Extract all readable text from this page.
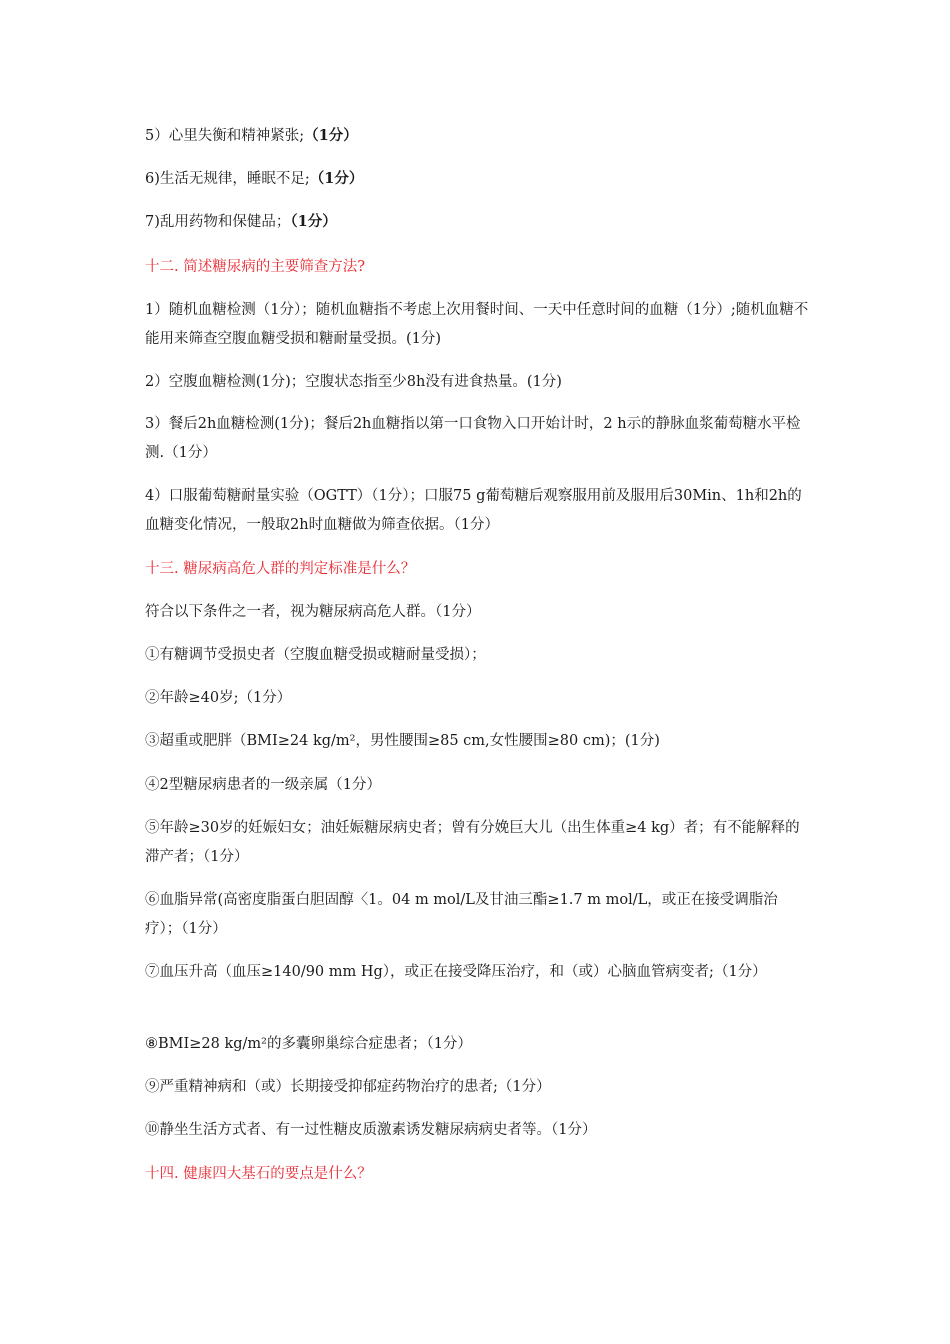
5）心里失衡和精神紧张;（1分）
6)生活无规律，睡眠不足;（1分）
7)乱用药物和保健品；（1分）
十二. 简述糖尿病的主要筛查方法?
1）随机血糖检测（1分）；随机血糖指不考虑上次用餐时间、一天中任意时间的血糖（1分）;随机血糖不能用来筛查空腹血糖受损和糖耐量受损。(1分)
2）空腹血糖检测(1分)；空腹状态指至少8h没有进食热量。(1分)
3）餐后2h血糖检测(1分)；餐后2h血糖指以第一口食物入口开始计时，2 h示的静脉血浆葡萄糖水平检测.（1分）
4）口服葡萄糖耐量实验（OGTT）（1分）；口服75 g葡萄糖后观察服用前及服用后30Min、1h和2h的血糖变化情况，一般取2h时血糖做为筛查依据。（1分）
十三. 糖尿病高危人群的判定标准是什么？
符合以下条件之一者，视为糖尿病高危人群。（1分）
①有糖调节受损史者（空腹血糖受损或糖耐量受损）；
②年龄≥40岁;（1分）
③超重或肥胖（BMI≥24 kg/m²，男性腰围≥85 cm,女性腰围≥80 cm)；(1分)
④2型糖尿病患者的一级亲属（1分）
⑤年龄≥30岁的妊娠妇女；油妊娠糖尿病史者；曾有分娩巨大儿（出生体重≥4 kg）者；有不能解释的滞产者；（1分）
⑥血脂异常(高密度脂蛋白胆固醇〈1。04 m mol/L及甘油三酯≥1.7 m mol/L，或正在接受调脂治疗）；（1分）
⑦血压升高（血压≥140/90 mm Hg），或正在接受降压治疗，和（或）心脑血管病变者;（1分）
⑧BMI≥28 kg/m²的多囊卵巢综合症患者；（1分）
⑨严重精神病和（或）长期接受抑郁症药物治疗的患者;（1分）
⑩静坐生活方式者、有一过性糖皮质激素诱发糖尿病病史者等。（1分）
十四. 健康四大基石的要点是什么？
